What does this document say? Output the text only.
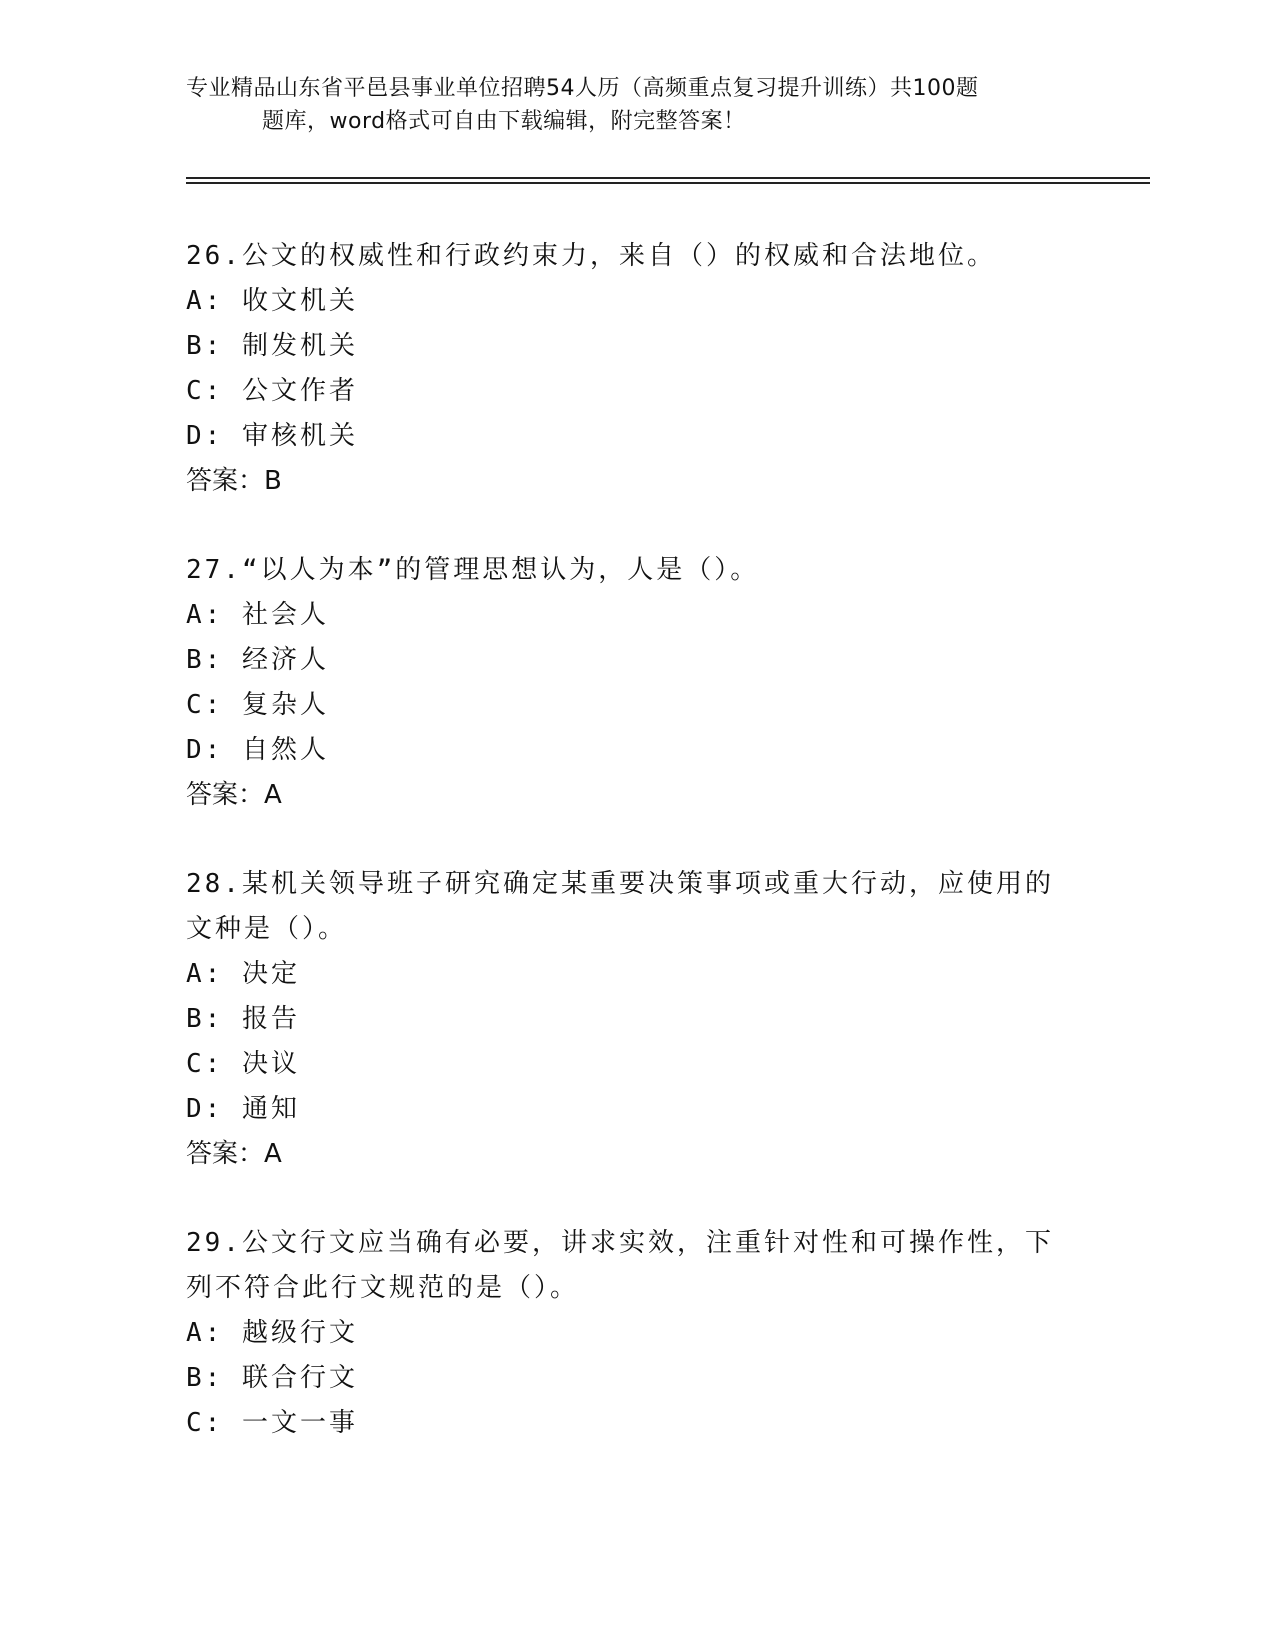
专业精品山东省平邑县事业单位招聘54人历（高频重点复习提升训练）共100题
题库，word格式可自由下载编辑，附完整答案！

26.公文的权威性和行政约束力，来自（）的权威和合法地位。

A: 收文机关

B: 制发机关

C: 公文作者

D: 审核机关

答案：B

27.“以人为本”的管理思想认为，人是（）。

A: 社会人

B: 经济人

C: 复杂人

D: 自然人

答案：A

28.某机关领导班子研究确定某重要决策事项或重大行动，应使用的文种是（）。

A: 决定

B: 报告

C: 决议

D: 通知

答案：A

29.公文行文应当确有必要，讲求实效，注重针对性和可操作性，下列不符合此行文规范的是（）。

A: 越级行文

B: 联合行文

C: 一文一事
